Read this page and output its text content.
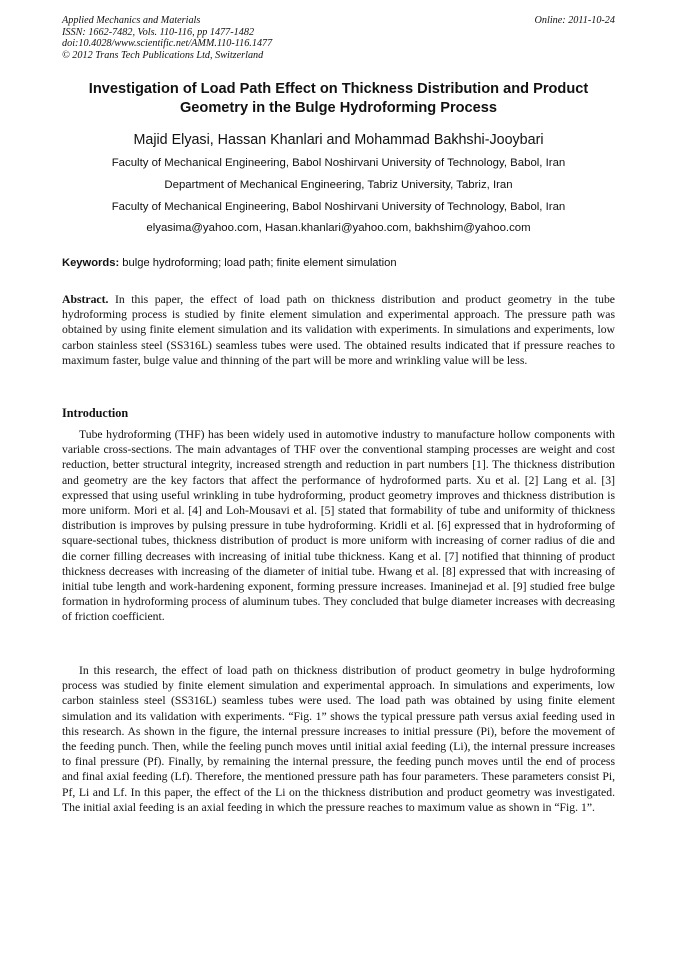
Applied Mechanics and Materials
ISSN: 1662-7482, Vols. 110-116, pp 1477-1482
doi:10.4028/www.scientific.net/AMM.110-116.1477
© 2012 Trans Tech Publications Ltd, Switzerland
Online: 2011-10-24
Investigation of Load Path Effect on Thickness Distribution and Product Geometry in the Bulge Hydroforming Process
Majid Elyasi, Hassan Khanlari and Mohammad Bakhshi-Jooybari
Faculty of Mechanical Engineering, Babol Noshirvani University of Technology, Babol, Iran
Department of Mechanical Engineering, Tabriz University, Tabriz, Iran
Faculty of Mechanical Engineering, Babol Noshirvani University of Technology, Babol, Iran
elyasima@yahoo.com, Hasan.khanlari@yahoo.com, bakhshim@yahoo.com
Keywords: bulge hydroforming; load path; finite element simulation
Abstract. In this paper, the effect of load path on thickness distribution and product geometry in the tube hydroforming process is studied by finite element simulation and experimental approach. The pressure path was obtained by using finite element simulation and its validation with experiments. In simulations and experiments, low carbon stainless steel (SS316L) seamless tubes were used. The obtained results indicated that if pressure reaches to maximum faster, bulge value and thinning of the part will be more and wrinkling value will be less.
Introduction
Tube hydroforming (THF) has been widely used in automotive industry to manufacture hollow components with variable cross-sections. The main advantages of THF over the conventional stamping processes are weight and cost reduction, better structural integrity, increased strength and reduction in part numbers [1]. The thickness distribution and geometry are the key factors that affect the performance of hydroformed parts. Xu et al. [2] Lang et al. [3] expressed that using useful wrinkling in tube hydroforming, product geometry improves and thickness distribution is more uniform. Mori et al. [4] and Loh-Mousavi et al. [5] stated that formability of tube and uniformity of thickness distribution is improves by pulsing pressure in tube hydroforming. Kridli et al. [6] expressed that in hydroforming of square-sectional tubes, thickness distribution of product is more uniform with increasing of corner radius of die and die corner filling decreases with increasing of initial tube thickness. Kang et al. [7] notified that thinning of product thickness decreases with increasing of the diameter of initial tube. Hwang et al. [8] expressed that with increasing of initial tube length and work-hardening exponent, forming pressure increases. Imaninejad et al. [9] studied free bulge formation in hydroforming process of aluminum tubes. They concluded that bulge diameter increases with decreasing of friction coefficient.
In this research, the effect of load path on thickness distribution of product geometry in bulge hydroforming process was studied by finite element simulation and experimental approach. In simulations and experiments, low carbon stainless steel (SS316L) seamless tubes were used. The load path was obtained by using finite element simulation and its validation with experiments. “Fig. 1” shows the typical pressure path versus axial feeding used in this research. As shown in the figure, the internal pressure increases to initial pressure (Pi), before the movement of the feeding punch. Then, while the feeling punch moves until initial axial feeding (Li), the internal pressure increases to final pressure (Pf). Finally, by remaining the internal pressure, the feeding punch moves until the end of process and final axial feeding (Lf). Therefore, the mentioned pressure path has four parameters. These parameters consist Pi, Pf, Li and Lf. In this paper, the effect of the Li on the thickness distribution and product geometry was investigated. The initial axial feeding is an axial feeding in which the pressure reaches to maximum value as shown in “Fig. 1”.
